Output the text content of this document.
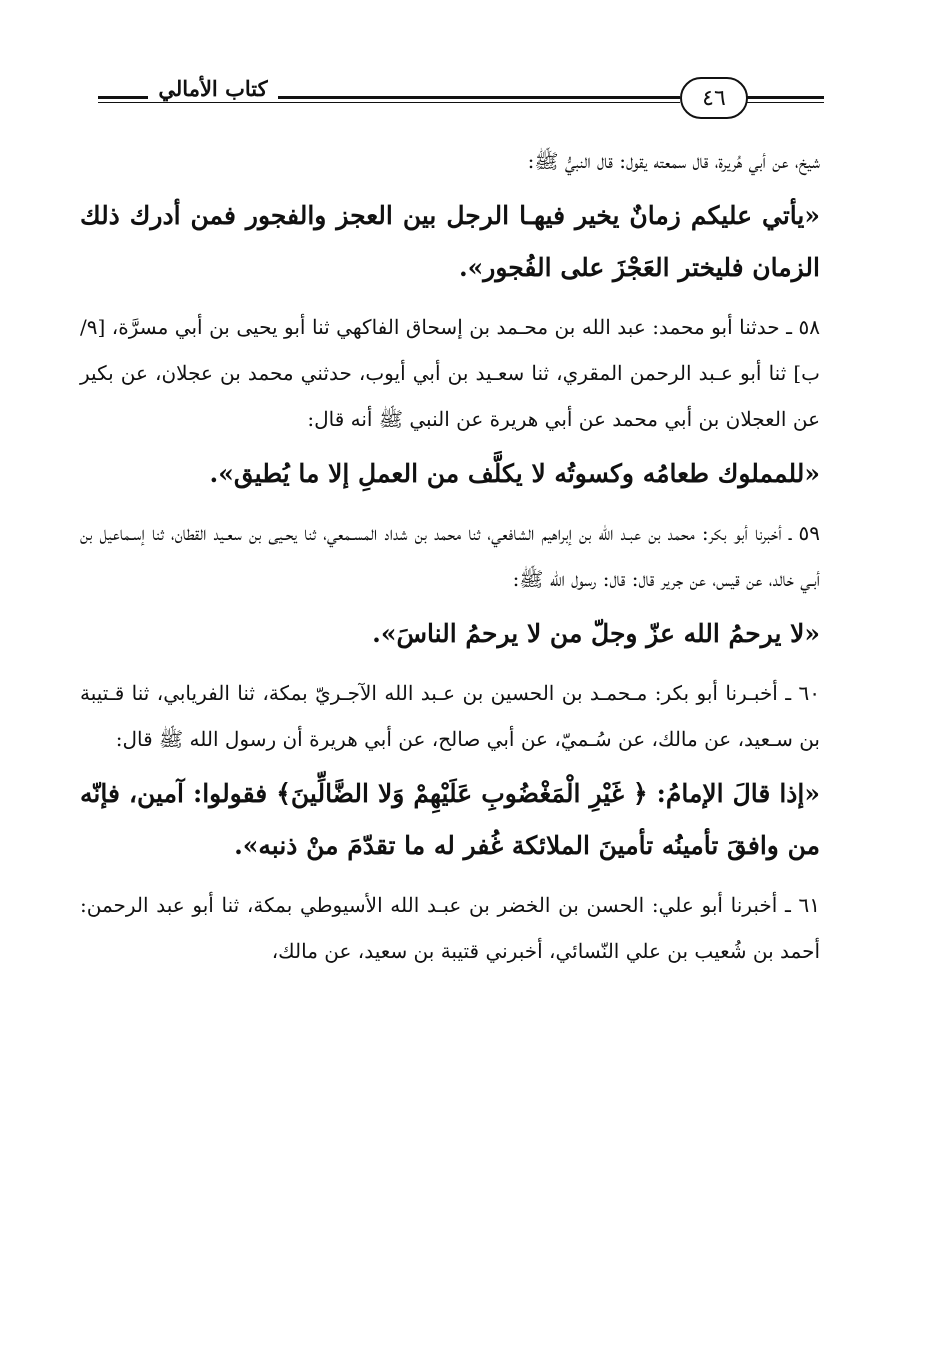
٤٦
كتاب الأمالي

شيخ، عن أبي هُريرة، قال سمعته يقول: قال النبيُّ ﷺ:

«يأتي عليكم زمانٌ يخير فيهـا الرجل بين العجز والفجور فمن أدرك ذلك الزمان فليختر العَجْزَ على الفُجور».

٥٨ ـ حدثنا أبو محمد: عبد الله بن محـمد بن إسحاق الفاكهي ثنا أبو يحيى بن أبي مسرَّة، [٩/ب] ثنا أبو عـبد الرحمن المقري، ثنا سعـيد بن أبي أيوب، حدثني محمد بن عجلان، عن بكير عن العجلان بن أبي محمد عن أبي هريرة عن النبي ﷺ أنه قال:

«للمملوك طعامُه وكسوتُه لا يكلَّف من العملِ إلا ما يُطيق».

٥٩ ـ أخبرنا أبو بكر: محمد بن عبـد الله بن إبراهيم الشافعي، ثنا محمد بن شداد المسـمعي، ثنا يحـيى بن سعـيد القطان، ثنا إسـماعيل بن أبـي خالد، عن قيس، عن جرير قال: قال: رسول الله ﷺ:

«لا يرحمُ الله عزّ وجلّ من لا يرحمُ الناسَ».

٦٠ ـ أخبـرنا أبو بكر: مـحمـد بن الحسين بن عـبد الله الآجـريّ بمكة، ثنا الفريابي، ثنا قـتيبة بن سـعيد، عن مالك، عن سُـميّ، عن أبي صالح، عن أبي هريرة أن رسول الله ﷺ قال:

«إذا قالَ الإمامُ: ﴿ غَيْرِ الْمَغْضُوبِ عَلَيْهِمْ وَلا الضَّالِّينَ﴾ فقولوا: آمين، فإنّه من وافقَ تأمينُه تأمينَ الملائكة غُفر له ما تقدّمَ منْ ذنبه».

٦١ ـ أخبرنا أبو علي: الحسن بن الخضر بن عبـد الله الأسيوطي بمكة، ثنا أبو عبد الرحمن: أحمد بن شُعيب بن علي النّسائي، أخبرني قتيبة بن سعيد، عن مالك،
